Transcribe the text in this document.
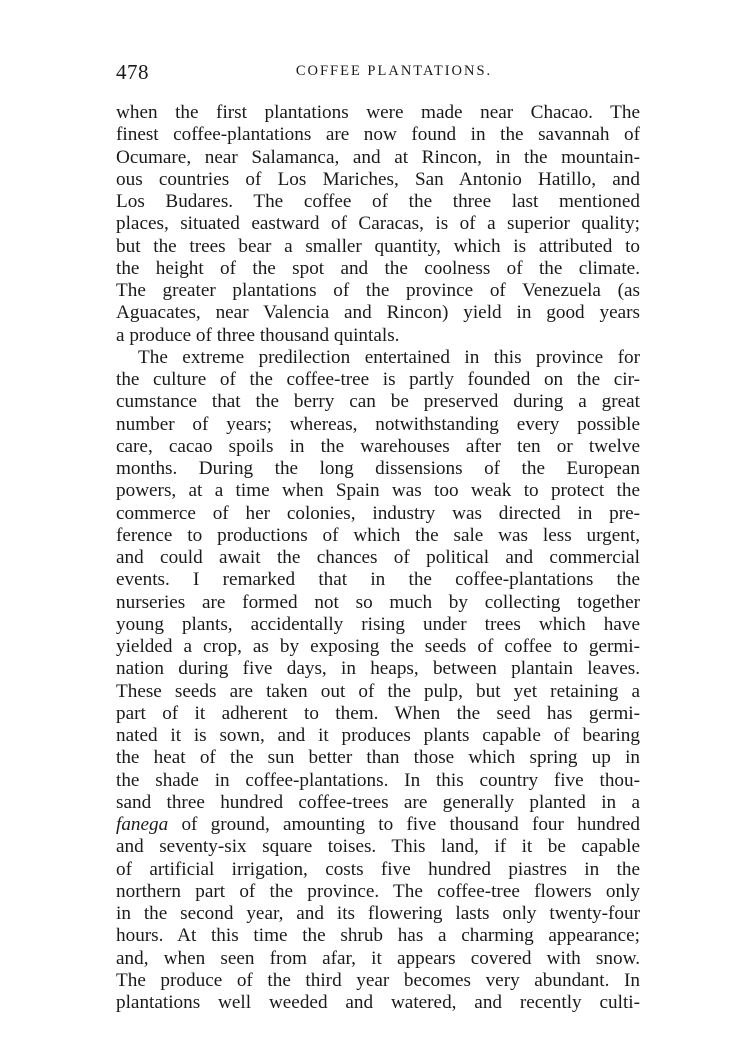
478	COFFEE PLANTATIONS.
when the first plantations were made near Chacao. The
finest coffee-plantations are now found in the savannah of
Ocumare, near Salamanca, and at Rincon, in the mountain-
ous countries of Los Mariches, San Antonio Hatillo, and
Los Budares. The coffee of the three last mentioned
places, situated eastward of Caracas, is of a superior quality;
but the trees bear a smaller quantity, which is attributed to
the height of the spot and the coolness of the climate.
The greater plantations of the province of Venezuela (as
Aguacates, near Valencia and Rincon) yield in good years
a produce of three thousand quintals.
The extreme predilection entertained in this province for
the culture of the coffee-tree is partly founded on the cir-
cumstance that the berry can be preserved during a great
number of years; whereas, notwithstanding every possible
care, cacao spoils in the warehouses after ten or twelve
months. During the long dissensions of the European
powers, at a time when Spain was too weak to protect the
commerce of her colonies, industry was directed in pre-
ference to productions of which the sale was less urgent,
and could await the chances of political and commercial
events. I remarked that in the coffee-plantations the
nurseries are formed not so much by collecting together
young plants, accidentally rising under trees which have
yielded a crop, as by exposing the seeds of coffee to germi-
nation during five days, in heaps, between plantain leaves.
These seeds are taken out of the pulp, but yet retaining a
part of it adherent to them. When the seed has germi-
nated it is sown, and it produces plants capable of bearing
the heat of the sun better than those which spring up in
the shade in coffee-plantations. In this country five thou-
sand three hundred coffee-trees are generally planted in a
fanega of ground, amounting to five thousand four hundred
and seventy-six square toises. This land, if it be capable
of artificial irrigation, costs five hundred piastres in the
northern part of the province. The coffee-tree flowers only
in the second year, and its flowering lasts only twenty-four
hours. At this time the shrub has a charming appearance;
and, when seen from afar, it appears covered with snow.
The produce of the third year becomes very abundant. In
plantations well weeded and watered, and recently culti-
